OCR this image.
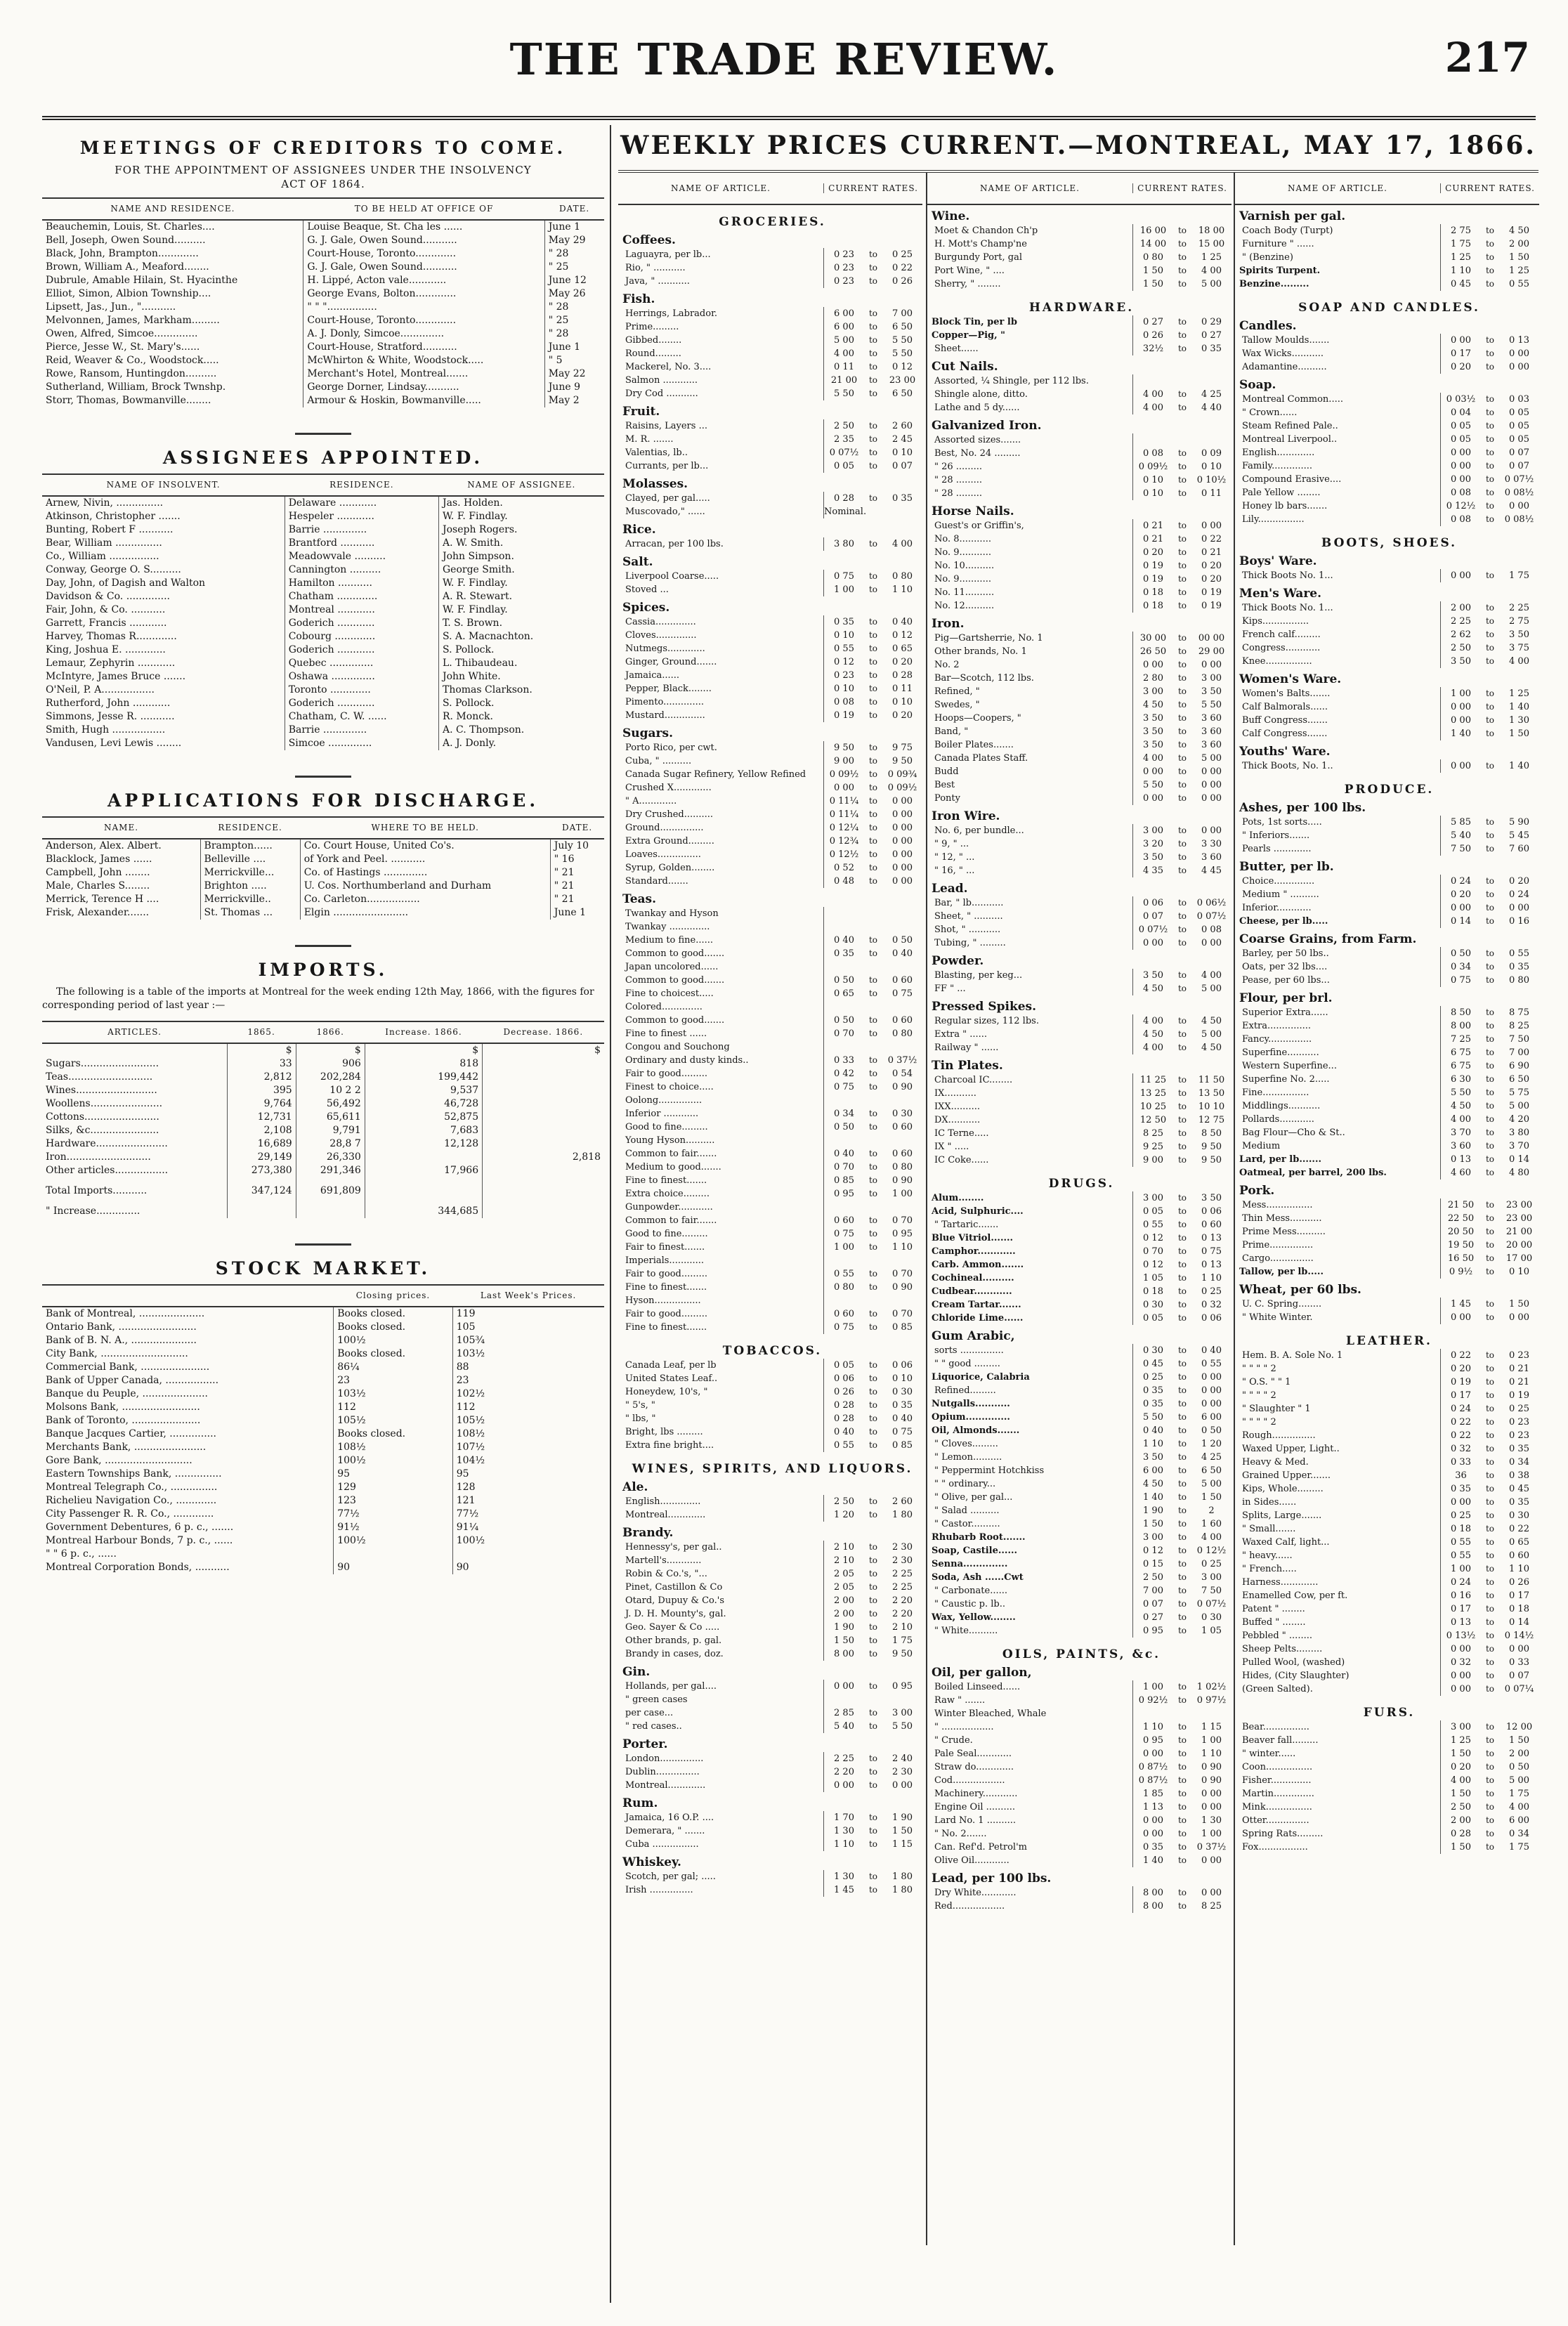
THE TRADE REVIEW.	217
MEETINGS OF CREDITORS TO COME.
FOR THE APPOINTMENT OF ASSIGNEES UNDER THE INSOLVENCY
ACT OF 1864.
NAME AND RESIDENCE.	TO BE HELD AT OFFICE OF	DATE.
Beauchemin, Louis, St. Charles....	Louise Beaque, St. Cha les ......	June 1
Bell, Joseph, Owen Sound..........	G. J. Gale, Owen Sound...........	May 29
Black, John, Brampton.............	Court-House, Toronto.............	" 28
Brown, William A., Meaford........	G. J. Gale, Owen Sound...........	" 25
Dubrule, Amable Hilain, St. Hyacinthe	H. Lippé, Acton vale............	June 12
Elliot, Simon, Albion Township....	George Evans, Bolton.............	May 26
Lipsett, Jas., Jun., "...........	" " "................	" 28
Melvonnen, James, Markham.........	Court-House, Toronto.............	" 25
Owen, Alfred, Simcoe..............	A. J. Donly, Simcoe..............	" 28
Pierce, Jesse W., St. Mary's......	Court-House, Stratford...........	June 1
Reid, Weaver & Co., Woodstock.....	McWhirton & White, Woodstock.....	" 5
Rowe, Ransom, Huntingdon..........	Merchant's Hotel, Montreal.......	May 22
Sutherland, William, Brock Twnshp.	George Dorner, Lindsay...........	June 9
Storr, Thomas, Bowmanville........	Armour & Hoskin, Bowmanville.....	May 2
ASSIGNEES APPOINTED.
NAME OF INSOLVENT.	RESIDENCE.	NAME OF ASSIGNEE.
Arnew, Nivin, ...............	Delaware ............	Jas. Holden.
Atkinson, Christopher .......	Hespeler ............	W. F. Findlay.
Bunting, Robert F ...........	Barrie ..............	Joseph Rogers.
Bear, William ...............	Brantford ...........	A. W. Smith.
Co., William ................	Meadowvale ..........	John Simpson.
Conway, George O. S..........	Cannington ..........	George Smith.
Day, John, of Dagish and Walton	Hamilton ...........	W. F. Findlay.
Davidson & Co. ..............	Chatham .............	A. R. Stewart.
Fair, John, & Co. ...........	Montreal ............	W. F. Findlay.
Garrett, Francis ............	Goderich ............	T. S. Brown.
Harvey, Thomas R.............	Cobourg .............	S. A. Macnachton.
King, Joshua E. .............	Goderich ............	S. Pollock.
Lemaur, Zephyrin ............	Quebec ..............	L. Thibaudeau.
McIntyre, James Bruce .......	Oshawa ..............	John White.
O'Neil, P. A.................	Toronto .............	Thomas Clarkson.
Rutherford, John ............	Goderich ............	S. Pollock.
Simmons, Jesse R. ...........	Chatham, C. W. ......	R. Monck.
Smith, Hugh .................	Barrie ..............	A. C. Thompson.
Vandusen, Levi Lewis ........	Simcoe ..............	A. J. Donly.
APPLICATIONS FOR DISCHARGE.
NAME.	RESIDENCE.	WHERE TO BE HELD.	DATE.
Anderson, Alex. Albert.	Brampton......	Co. Court House, United Co's.	July 10
Blacklock, James ......	Belleville ....	of York and Peel. ...........	" 16
Campbell, John ........	Merrickville...	Co. of Hastings ..............	" 21
Male, Charles S........	Brighton .....	U. Cos. Northumberland and Durham	" 21
Merrick, Terence H ....	Merrickville..	Co. Carleton.................	" 21
Frisk, Alexander.......	St. Thomas ...	Elgin ........................	June 1
IMPORTS.
The following is a table of the imports at Montreal for the week ending 12th May, 1866, with the figures for corresponding period of last year :—
ARTICLES.	1865.	1866.	Increase. 1866.	Decrease. 1866.
	$	$	$	$
Sugars.........................	33	906	818	
Teas...........................	2,812	202,284	199,442	
Wines..........................	395	10 2 2	9,537	
Woollens.......................	9,764	56,492	46,728	
Cottons........................	12,731	65,611	52,875	
Silks, &c......................	2,108	9,791	7,683	
Hardware.......................	16,689	28,8 7	12,128	
Iron...........................	29,149	26,330		2,818
Other articles.................	273,380	291,346	17,966	
Total Imports...........	347,124	691,809		
" Increase..............			344,685	
STOCK MARKET.
	Closing prices.	Last Week's Prices.
Bank of Montreal, .....................	Books closed.	119
Ontario Bank, .........................	Books closed.	105
Bank of B. N. A., .....................	100½	105¾
City Bank, ............................	Books closed.	103½
Commercial Bank, ......................	86¼	88
Bank of Upper Canada, .................	23	23
Banque du Peuple, .....................	103½	102½
Molsons Bank, .........................	112	112
Bank of Toronto, ......................	105½	105½
Banque Jacques Cartier, ...............	Books closed.	108½
Merchants Bank, .......................	108½	107½
Gore Bank, ............................	100½	104½
Eastern Townships Bank, ...............	95	95
Montreal Telegraph Co., ...............	129	128
Richelieu Navigation Co., .............	123	121
City Passenger R. R. Co., .............	77½	77½
Government Debentures, 6 p. c., .......	91½	91¼
Montreal Harbour Bonds, 7 p. c., ......	100½	100½
" " 6 p. c., ......		
Montreal Corporation Bonds, ...........	90	90
WEEKLY PRICES CURRENT.—MONTREAL, MAY 17, 1866.
NAME OF ARTICLE.	CURRENT RATES.
GROCERIES.
Coffees.
Laguayra, per lb...	0 23	to	0 25
Rio, " ...........	0 23	to	0 22
Java, " ...........	0 23	to	0 26
Fish.
Herrings, Labrador.	6 00	to	7 00
Prime.........	6 00	to	6 50
Gibbed........	5 00	to	5 50
Round.........	4 00	to	5 50
Mackerel, No. 3....	0 11	to	0 12
Salmon ............	21 00	to	23 00
Dry Cod ...........	5 50	to	6 50
Fruit.
Raisins, Layers ...	2 50	to	2 60
M. R. .......	2 35	to	2 45
Valentias, lb..	0 07½	to	0 10
Currants, per lb...	0 05	to	0 07
Molasses.
Clayed, per gal.....	0 28	to	0 35
Muscovado," ......	Nominal.
Rice.
Arracan, per 100 lbs.	3 80	to	4 00
Salt.
Liverpool Coarse.....	0 75	to	0 80
Stoved ...	1 00	to	1 10
Spices.
Cassia..............	0 35	to	0 40
Cloves..............	0 10	to	0 12
Nutmegs.............	0 55	to	0 65
Ginger, Ground.......	0 12	to	0 20
Jamaica......	0 23	to	0 28
Pepper, Black........	0 10	to	0 11
Pimento..............	0 08	to	0 10
Mustard..............	0 19	to	0 20
Sugars.
Porto Rico, per cwt.	9 50	to	9 75
Cuba, " ..........	9 00	to	9 50
Canada Sugar Refinery, Yellow Refined	0 09½	to	0 09¾
Crushed X.............	0 00	to	0 09½
" A.............	0 11¼	to	0 00
Dry Crushed..........	0 11¼	to	0 00
Ground...............	0 12¼	to	0 00
Extra Ground.........	0 12¾	to	0 00
Loaves...............	0 12½	to	0 00
Syrup, Golden........	0 52	to	0 00
Standard.......	0 48	to	0 00
Teas.
Twankay and Hyson
Twankay ..............
Medium to fine......	0 40	to	0 50
Common to good.......	0 35	to	0 40
Japan uncolored......
Common to good.......	0 50	to	0 60
Fine to choicest.....	0 65	to	0 75
Colored..............
Common to good.......	0 50	to	0 60
Fine to finest ......	0 70	to	0 80
Congou and Souchong
Ordinary and dusty kinds..	0 33	to	0 37½
Fair to good.........	0 42	to	0 54
Finest to choice.....	0 75	to	0 90
Oolong...............
Inferior ............	0 34	to	0 30
Good to fine.........	0 50	to	0 60
Young Hyson..........
Common to fair.......	0 40	to	0 60
Medium to good.......	0 70	to	0 80
Fine to finest.......	0 85	to	0 90
Extra choice.........	0 95	to	1 00
Gunpowder............
Common to fair.......	0 60	to	0 70
Good to fine.........	0 75	to	0 95
Fair to finest.......	1 00	to	1 10
Imperials............
Fair to good.........	0 55	to	0 70
Fine to finest.......	0 80	to	0 90
Hyson................
Fair to good.........	0 60	to	0 70
Fine to finest.......	0 75	to	0 85
TOBACCOS.
Canada Leaf, per lb	0 05	to	0 06
United States Leaf..	0 06	to	0 10
Honeydew, 10's, "	0 26	to	0 30
" 5's, "	0 28	to	0 35
" lbs, "	0 28	to	0 40
Bright, lbs .........	0 40	to	0 75
Extra fine bright....	0 55	to	0 85
WINES, SPIRITS, AND LIQUORS.
Ale.
English..............	2 50	to	2 60
Montreal.............	1 20	to	1 80
Brandy.
Hennessy's, per gal..	2 10	to	2 30
Martell's............	2 10	to	2 30
Robin & Co.'s, "...	2 05	to	2 25
Pinet, Castillon & Co	2 05	to	2 25
Otard, Dupuy & Co.'s	2 00	to	2 20
J. D. H. Mounty's, gal.	2 00	to	2 20
Geo. Sayer & Co .....	1 90	to	2 10
Other brands, p. gal.	1 50	to	1 75
Brandy in cases, doz.	8 00	to	9 50
Gin.
Hollands, per gal....	0 00	to	0 95
" green cases
per case...	2 85	to	3 00
" red cases..	5 40	to	5 50
Porter.
London...............	2 25	to	2 40
Dublin...............	2 20	to	2 30
Montreal.............	0 00	to	0 00
Rum.
Jamaica, 16 O.P. ....	1 70	to	1 90
Demerara, " .......	1 30	to	1 50
Cuba ................	1 10	to	1 15
Whiskey.
Scotch, per gal; .....	1 30	to	1 80
Irish ...............	1 45	to	1 80
NAME OF ARTICLE.	CURRENT RATES.
Wine.
Moet & Chandon Ch'p	16 00	to	18 00
H. Mott's Champ'ne	14 00	to	15 00
Burgundy Port, gal	0 80	to	1 25
Port Wine, " ....	1 50	to	4 00
Sherry, " ........	1 50	to	5 00
HARDWARE.
Block Tin, per lb	0 27	to	0 29
Copper—Pig, "	0 26	to	0 27
Sheet......	32½	to	0 35
Cut Nails.
Assorted, ¼ Shingle, per 112 lbs.
Shingle alone, ditto.	4 00	to	4 25
Lathe and 5 dy......	4 00	to	4 40
Galvanized Iron.
Assorted sizes.......
Best, No. 24 .........	0 08	to	0 09
" 26 .........	0 09½	to	0 10
" 28 .........	0 10	to	0 10½
" 28 .........	0 10	to	0 11
Horse Nails.
Guest's or Griffin's,	0 21	to	0 00
No. 8...........	0 21	to	0 22
No. 9...........	0 20	to	0 21
No. 10..........	0 19	to	0 20
No. 9...........	0 19	to	0 20
No. 11..........	0 18	to	0 19
No. 12..........	0 18	to	0 19
Iron.
Pig—Gartsherrie, No. 1	30 00	to	00 00
Other brands, No. 1	26 50	to	29 00
No. 2	0 00	to	0 00
Bar—Scotch, 112 lbs.	2 80	to	3 00
Refined, "	3 00	to	3 50
Swedes, "	4 50	to	5 50
Hoops—Coopers, "	3 50	to	3 60
Band, "	3 50	to	3 60
Boiler Plates.......	3 50	to	3 60
Canada Plates Staff.	4 00	to	5 00
Budd	0 00	to	0 00
Best	5 50	to	0 00
Ponty	0 00	to	0 00
Iron Wire.
No. 6, per bundle...	3 00	to	0 00
" 9, " ...	3 20	to	3 30
" 12, " ...	3 50	to	3 60
" 16, " ...	4 35	to	4 45
Lead.
Bar, " lb...........	0 06	to	0 06½
Sheet, " ..........	0 07	to	0 07½
Shot, " ...........	0 07½	to	0 08
Tubing, " .........	0 00	to	0 00
Powder.
Blasting, per keg...	3 50	to	4 00
FF " ...	4 50	to	5 00
Pressed Spikes.
Regular sizes, 112 lbs.	4 00	to	4 50
Extra " ......	4 50	to	5 00
Railway " ......	4 00	to	4 50
Tin Plates.
Charcoal IC........	11 25	to	11 50
IX...........	13 25	to	13 50
IXX..........	10 25	to	10 10
DX...........	12 50	to	12 75
IC Terne.....	8 25	to	8 50
IX " .....	9 25	to	9 50
IC Coke......	9 00	to	9 50
DRUGS.
Alum........	3 00	to	3 50
Acid, Sulphuric....	0 05	to	0 06
" Tartaric.......	0 55	to	0 60
Blue Vitriol.......	0 12	to	0 13
Camphor............	0 70	to	0 75
Carb. Ammon.......	0 12	to	0 13
Cochineal..........	1 05	to	1 10
Cudbear............	0 18	to	0 25
Cream Tartar.......	0 30	to	0 32
Chloride Lime......	0 05	to	0 06
Gum Arabic,
sorts ...............	0 30	to	0 40
" " good .........	0 45	to	0 55
Liquorice, Calabria	0 25	to	0 00
Refined.........	0 35	to	0 00
Nutgalls...........	0 35	to	0 00
Opium..............	5 50	to	6 00
Oil, Almonds.......	0 40	to	0 50
" Cloves.........	1 10	to	1 20
" Lemon..........	3 50	to	4 25
" Peppermint Hotchkiss	6 00	to	6 50
" " ordinary...	4 50	to	5 00
" Olive, per gal...	1 40	to	1 50
" Salad ..........	1 90	to	2
" Castor..........	1 50	to	1 60
Rhubarb Root.......	3 00	to	4 00
Soap, Castile......	0 12	to	0 12½
Senna..............	0 15	to	0 25
Soda, Ash ......Cwt	2 50	to	3 00
" Carbonate......	7 00	to	7 50
" Caustic p. lb..	0 07	to	0 07½
Wax, Yellow........	0 27	to	0 30
" White..........	0 95	to	1 05
OILS, PAINTS, &c.
Oil, per gallon,
Boiled Linseed......	1 00	to	1 02½
Raw " .......	0 92½	to	0 97½
Winter Bleached, Whale
" ..................	1 10	to	1 15
" Crude.	0 95	to	1 00
Pale Seal............	0 00	to	1 10
Straw do.............	0 87½	to	0 90
Cod..................	0 87½	to	0 90
Machinery............	1 85	to	0 00
Engine Oil ..........	1 13	to	0 00
Lard No. 1 ..........	0 00	to	1 30
" No. 2.......	0 00	to	1 00
Can. Ref'd. Petrol'm	0 35	to	0 37½
Olive Oil............	1 40	to	0 00
Lead, per 100 lbs.
Dry White............	8 00	to	0 00
Red..................	8 00	to	8 25
NAME OF ARTICLE.	CURRENT RATES.
Varnish per gal.
Coach Body (Turpt)	2 75	to	4 50
Furniture " ......	1 75	to	2 00
" (Benzine)	1 25	to	1 50
Spirits Turpent.	1 10	to	1 25
Benzine.........	0 45	to	0 55
SOAP AND CANDLES.
Candles.
Tallow Moulds.......	0 00	to	0 13
Wax Wicks...........	0 17	to	0 00
Adamantine..........	0 20	to	0 00
Soap.
Montreal Common.....	0 03½	to	0 03
" Crown......	0 04	to	0 05
Steam Refined Pale..	0 05	to	0 05
Montreal Liverpool..	0 05	to	0 05
English.............	0 00	to	0 07
Family..............	0 00	to	0 07
Compound Erasive....	0 00	to	0 07½
Pale Yellow ........	0 08	to	0 08½
Honey lb bars.......	0 12½	to	0 00
Lily................	0 08	to	0 08½
BOOTS, SHOES.
Boys' Ware.
Thick Boots No. 1...	0 00	to	1 75
Men's Ware.
Thick Boots No. 1...	2 00	to	2 25
Kips................	2 25	to	2 75
French calf.........	2 62	to	3 50
Congress............	2 50	to	3 75
Knee................	3 50	to	4 00
Women's Ware.
Women's Balts.......	1 00	to	1 25
Calf Balmorals......	0 00	to	1 40
Buff Congress.......	0 00	to	1 30
Calf Congress.......	1 40	to	1 50
Youths' Ware.
Thick Boots, No. 1..	0 00	to	1 40
PRODUCE.
Ashes, per 100 lbs.
Pots, 1st sorts.....	5 85	to	5 90
" Inferiors.......	5 40	to	5 45
Pearls .............	7 50	to	7 60
Butter, per lb.
Choice..............	0 24	to	0 20
Medium " ..........	0 20	to	0 24
Inferior............	0 00	to	0 00
Cheese, per lb.....	0 14	to	0 16
Coarse Grains, from Farm.
Barley, per 50 lbs..	0 50	to	0 55
Oats, per 32 lbs....	0 34	to	0 35
Pease, per 60 lbs...	0 75	to	0 80
Flour, per brl.
Superior Extra......	8 50	to	8 75
Extra...............	8 00	to	8 25
Fancy...............	7 25	to	7 50
Superfine...........	6 75	to	7 00
Western Superfine...	6 75	to	6 90
Superfine No. 2.....	6 30	to	6 50
Fine................	5 50	to	5 75
Middlings...........	4 50	to	5 00
Pollards............	4 00	to	4 20
Bag Flour—Cho & St..	3 70	to	3 80
Medium	3 60	to	3 70
Lard, per lb.......	0 13	to	0 14
Oatmeal, per barrel, 200 lbs.	4 60	to	4 80
Pork.
Mess................	21 50	to	23 00
Thin Mess...........	22 50	to	23 00
Prime Mess..........	20 50	to	21 00
Prime...............	19 50	to	20 00
Cargo...............	16 50	to	17 00
Tallow, per lb.....	0 9½	to	0 10
Wheat, per 60 lbs.
U. C. Spring........	1 45	to	1 50
" White Winter.	0 00	to	0 00
LEATHER.
Hem. B. A. Sole No. 1	0 22	to	0 23
" " " " 2	0 20	to	0 21
" O.S. " " 1	0 19	to	0 21
" " " " 2	0 17	to	0 19
" Slaughter " 1	0 24	to	0 25
" " " " 2	0 22	to	0 23
Rough...............	0 22	to	0 23
Waxed Upper, Light..	0 32	to	0 35
Heavy & Med.	0 33	to	0 34
Grained Upper.......	36	to	0 38
Kips, Whole.........	0 35	to	0 45
in Sides......	0 00	to	0 35
Splits, Large.......	0 25	to	0 30
" Small.......	0 18	to	0 22
Waxed Calf, light...	0 55	to	0 65
" heavy......	0 55	to	0 60
" French.....	1 00	to	1 10
Harness.............	0 24	to	0 26
Enamelled Cow, per ft.	0 16	to	0 17
Patent " ........	0 17	to	0 18
Buffed " ........	0 13	to	0 14
Pebbled " ........	0 13½	to	0 14½
Sheep Pelts.........	0 00	to	0 00
Pulled Wool, (washed)	0 32	to	0 33
Hides, (City Slaughter)	0 00	to	0 07
(Green Salted).	0 00	to	0 07¼
FURS.
Bear................	3 00	to	12 00
Beaver fall.........	1 25	to	1 50
" winter......	1 50	to	2 00
Coon................	0 20	to	0 50
Fisher..............	4 00	to	5 00
Martin..............	1 50	to	1 75
Mink................	2 50	to	4 00
Otter...............	2 00	to	6 00
Spring Rats.........	0 28	to	0 34
Fox.................	1 50	to	1 75
